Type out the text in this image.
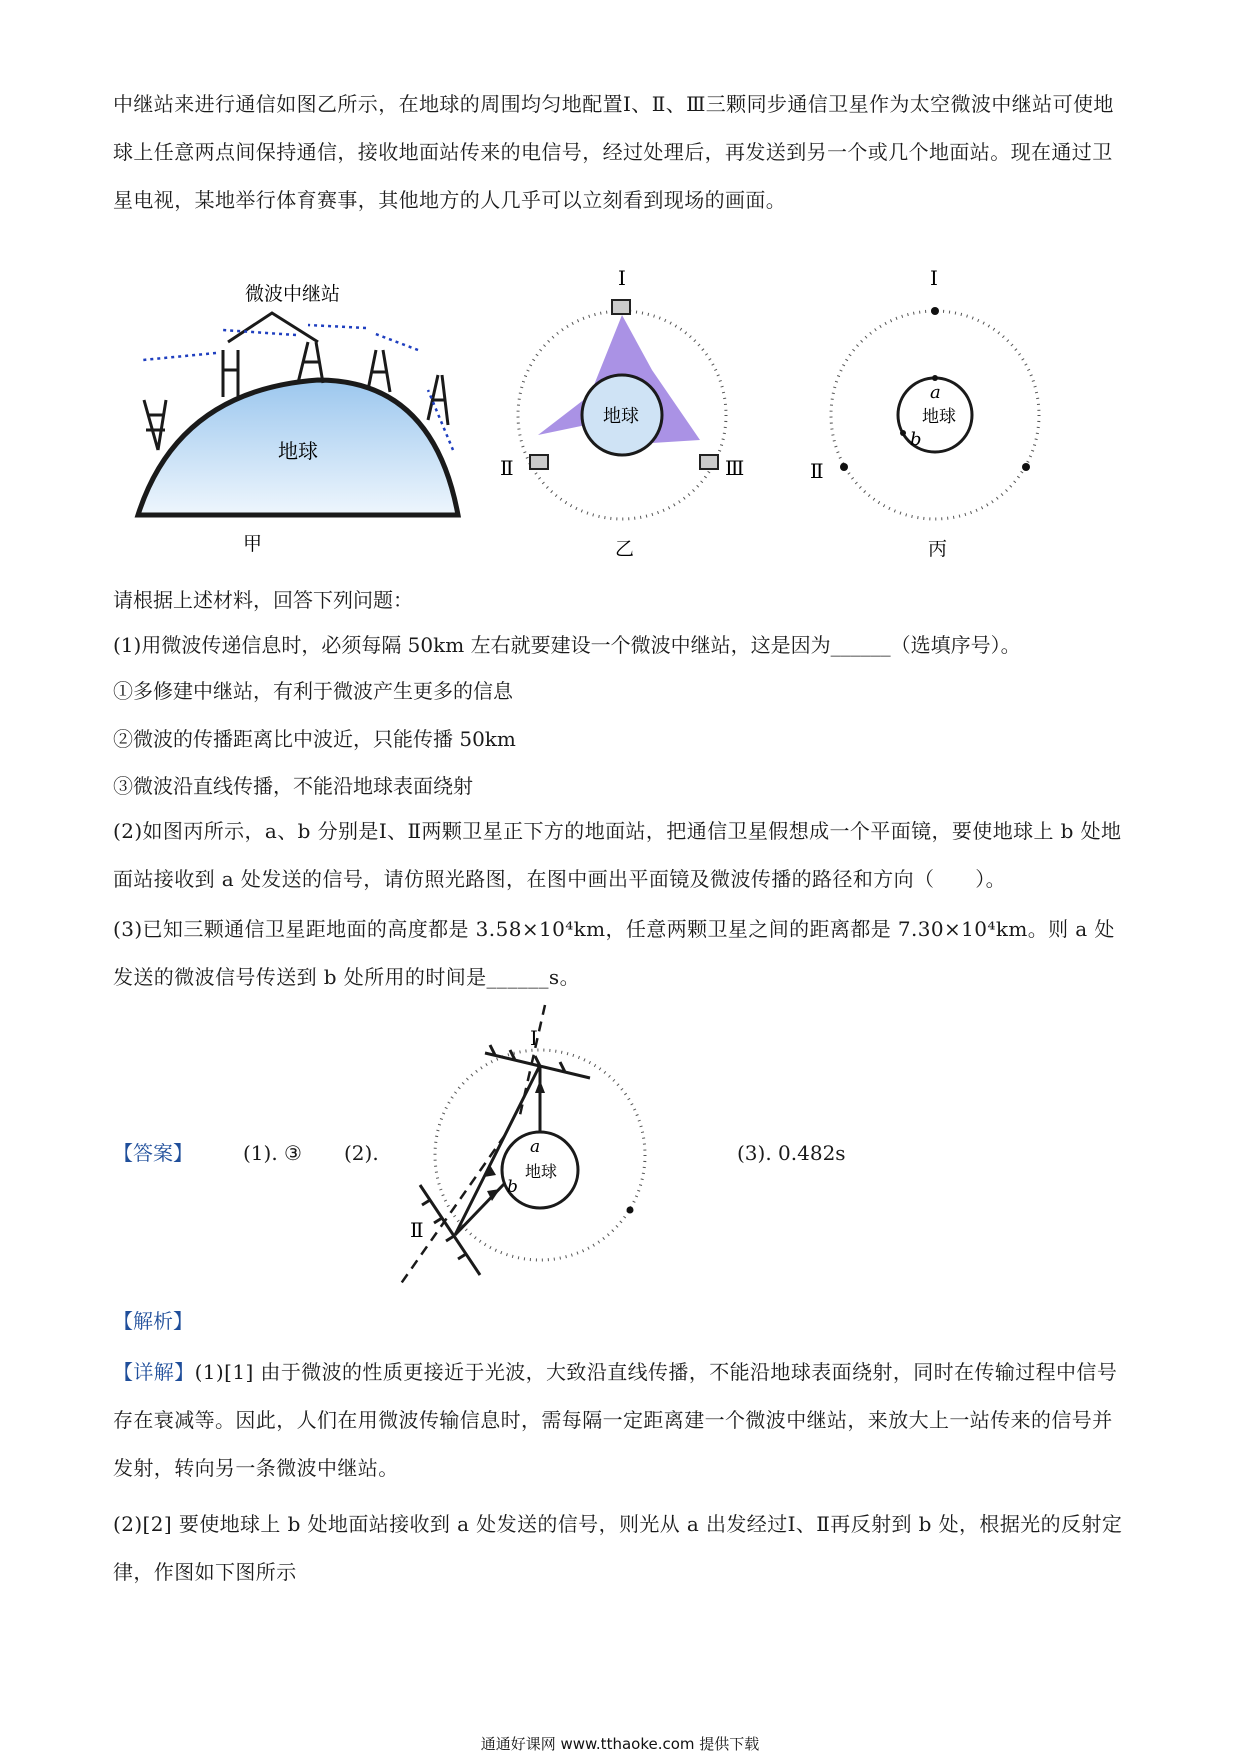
中继站来进行通信如图乙所示，在地球的周围均匀地配置Ⅰ、Ⅱ、Ⅲ三颗同步通信卫星作为太空微波中继站可使地球上任意两点间保持通信，接收地面站传来的电信号，经过处理后，再发送到另一个或几个地面站。现在通过卫星电视，某地举行体育赛事，其他地方的人几乎可以立刻看到现场的画面。
地球
微波中继站
甲
地球
Ⅰ
Ⅱ	Ⅲ
乙
地球
Ⅰ
Ⅱ
a
b
丙
请根据上述材料，回答下列问题：
(1)用微波传递信息时，必须每隔 50km 左右就要建设一个微波中继站，这是因为______（选填序号）。
①多修建中继站，有利于微波产生更多的信息
②微波的传播距离比中波近，只能传播 50km
③微波沿直线传播，不能沿地球表面绕射
(2)如图丙所示，a、b 分别是Ⅰ、Ⅱ两颗卫星正下方的地面站，把通信卫星假想成一个平面镜，要使地球上 b 处地面站接收到 a 处发送的信号，请仿照光路图，在图中画出平面镜及微波传播的路径和方向（　　）。
(3)已知三颗通信卫星距地面的高度都是 3.58×10⁴km，任意两颗卫星之间的距离都是 7.30×10⁴km。则 a 处发送的微波信号传送到 b 处所用的时间是______s。
【答案】	(1). ③ (2).	(3). 0.482s
地球
a
b
Ⅰ
Ⅱ
【解析】
【详解】(1)[1] 由于微波的性质更接近于光波，大致沿直线传播，不能沿地球表面绕射，同时在传输过程中信号存在衰减等。因此，人们在用微波传输信息时，需每隔一定距离建一个微波中继站，来放大上一站传来的信号并发射，转向另一条微波中继站。
(2)[2] 要使地球上 b 处地面站接收到 a 处发送的信号，则光从 a 出发经过Ⅰ、Ⅱ再反射到 b 处，根据光的反射定律，作图如下图所示
通通好课网 www.tthaoke.com 提供下载
